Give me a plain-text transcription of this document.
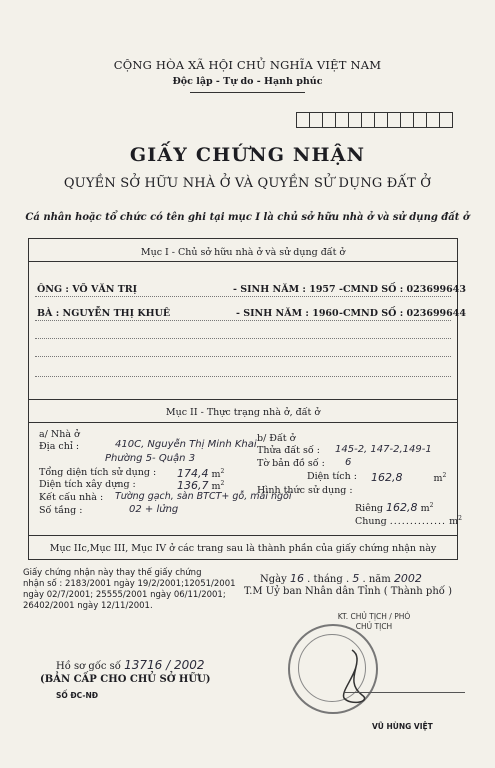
CỘNG HÒA XÃ HỘI CHỦ NGHĨA VIỆT NAM
Độc lập - Tự do - Hạnh phúc
GIẤY CHỨNG NHẬN
QUYỀN SỞ HỮU NHÀ Ở VÀ QUYỀN SỬ DỤNG ĐẤT Ở
Cá nhân hoặc tổ chức có tên ghi tại mục I là chủ sở hữu nhà ở và sử dụng đất ở
Mục I - Chủ sở hữu nhà ở và sử dụng đất ở
ÔNG : VÕ VĂN TRỊ	- SINH NĂM : 1957 -CMND SỐ : 023699643
BÀ : NGUYỄN THỊ KHUÊ	- SINH NĂM : 1960 -CMND SỐ : 023699644
Mục II - Thực trạng nhà ở, đất ở
a/ Nhà ở
Địa chỉ :	410C, Nguyễn Thị Minh Khai
Phường 5- Quận 3
Tổng diện tích sử dụng : 174,4 $m^2$
Diện tích xây dựng :	136,7 $m^2$
Kết cấu nhà : Tường gạch, sàn BTCT+ gỗ, mái ngói
Số tầng :	02 + lửng
b/ Đất ở
Thửa đất số : 145-2, 147-2,149-1
Tờ bản đồ số : 6
Diện tích : 162,8	$m^2$
Hình thức sử dụng :
Riêng 162,8 $m^2$
Chung .............. $m^2$
Mục IIc,Mục III, Mục IV ở các trang sau là thành phần của giấy chứng nhận này
Giấy chứng nhận này thay thế giấy chứng
nhận số : 2183/2001 ngày 19/2/2001;12051/2001
ngày 02/7/2001; 25555/2001 ngày 06/11/2001;
26402/2001 ngày 12/11/2001.
Ngày 16 . tháng . 5 . năm 2002
T.M Uỷ ban Nhân dân Tỉnh ( Thành phố )
KT. CHỦ TỊCH / PHÓ CHỦ TỊCH
Hồ sơ gốc số 13716 / 2002
(BẢN CẤP CHO CHỦ SỞ HỮU)
SỐ ĐC-NĐ
VŨ HÙNG VIỆT
